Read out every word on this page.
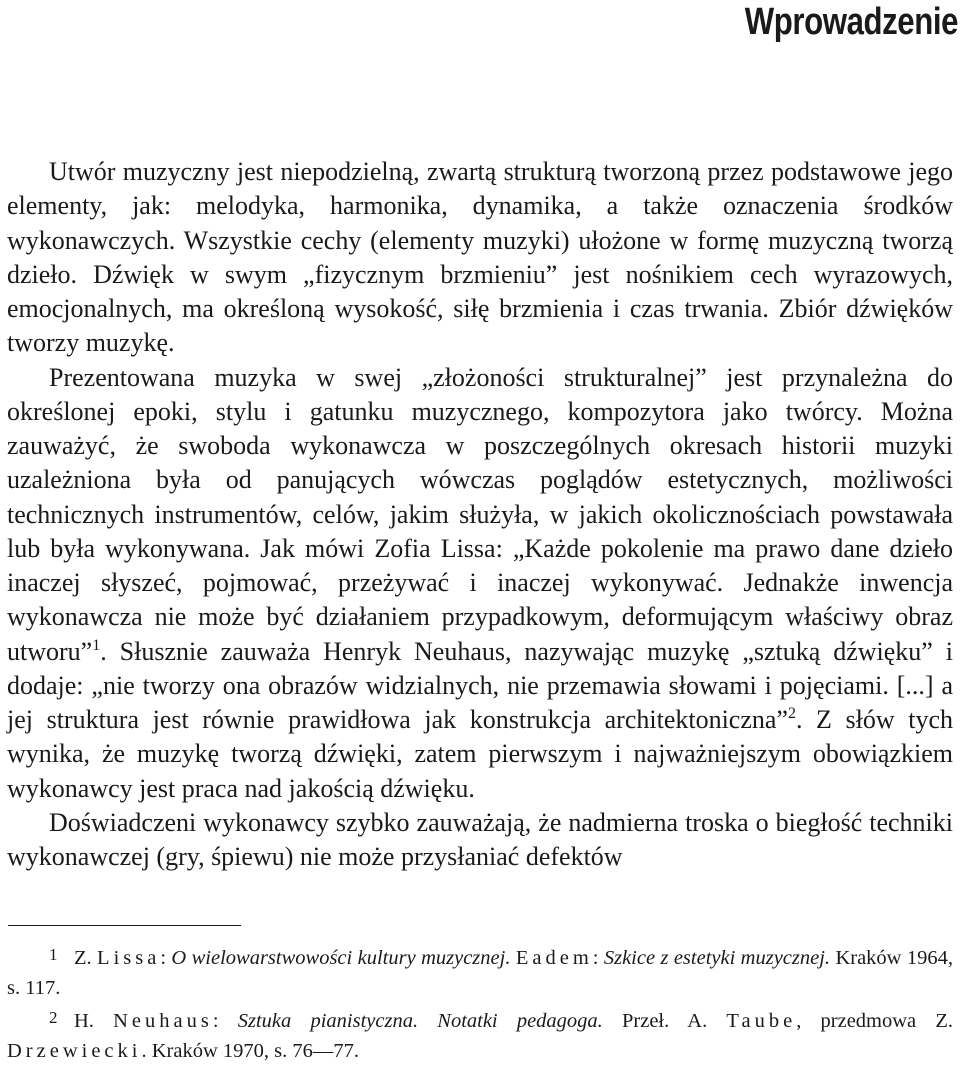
Wprowadzenie

Utwór muzyczny jest niepodzielną, zwartą strukturą tworzoną przez podstawowe jego elementy, jak: melodyka, harmonika, dynamika, a także oznaczenia środków wykonawczych. Wszystkie cechy (elementy muzyki) ułożone w formę muzyczną tworzą dzieło. Dźwięk w swym „fizycznym brzmieniu” jest nośnikiem cech wyrazowych, emocjonalnych, ma określoną wysokość, siłę brzmienia i czas trwania. Zbiór dźwięków tworzy muzykę.

Prezentowana muzyka w swej „złożoności strukturalnej” jest przynależna do określonej epoki, stylu i gatunku muzycznego, kompozytora jako twórcy. Można zauważyć, że swoboda wykonawcza w poszczególnych okresach historii muzyki uzależniona była od panujących wówczas poglądów estetycznych, możliwości technicznych instrumentów, celów, jakim służyła, w jakich okolicznościach powstawała lub była wykonywana. Jak mówi Zofia Lissa: „Każde pokolenie ma prawo dane dzieło inaczej słyszeć, pojmować, przeżywać i inaczej wykonywać. Jednakże inwencja wykonawcza nie może być działaniem przypadkowym, deformującym właściwy obraz utworu”$^1$. Słusznie zauważa Henryk Neuhaus, nazywając muzykę „sztuką dźwięku” i dodaje: „nie tworzy ona obrazów widzialnych, nie przemawia słowami i pojęciami. [...] a jej struktura jest równie prawidłowa jak konstrukcja architektoniczna”$^2$. Z słów tych wynika, że muzykę tworzą dźwięki, zatem pierwszym i najważniejszym obowiązkiem wykonawcy jest praca nad jakością dźwięku.

Doświadczeni wykonawcy szybko zauważają, że nadmierna troska o biegłość techniki wykonawczej (gry, śpiewu) nie może przysłaniać defektów

1 Z. Lissa: O wielowarstwowości kultury muzycznej. Eadem: Szkice z estetyki muzycznej. Kraków 1964, s. 117.

2 H. Neuhaus: Sztuka pianistyczna. Notatki pedagoga. Przeł. A. Taube, przedmowa Z. Drzewiecki. Kraków 1970, s. 76—77.
